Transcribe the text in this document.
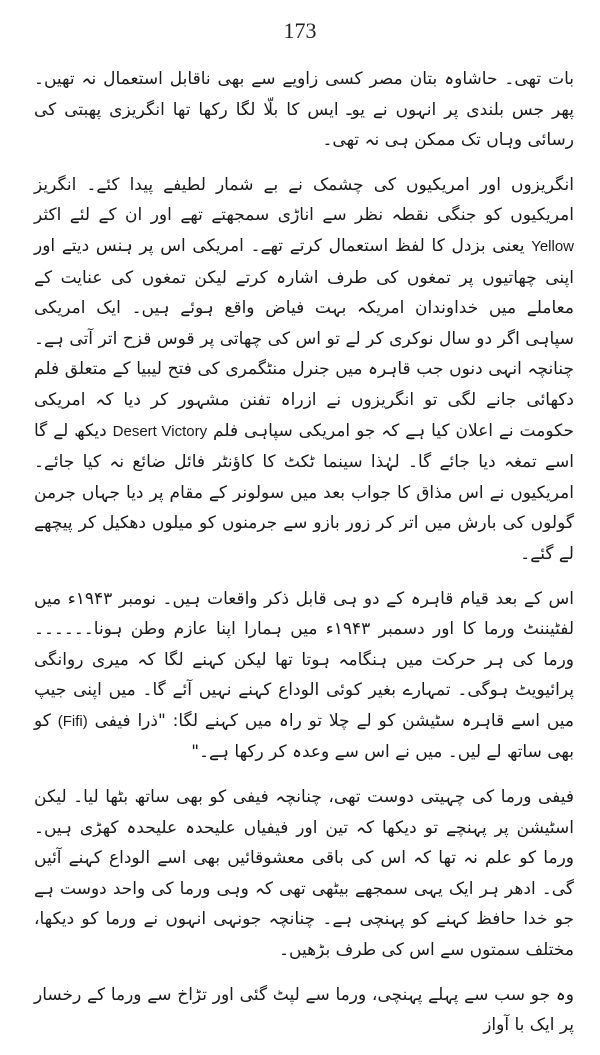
173

بات تھی۔ حاشاوہ بتان مصر کسی زاویے سے بھی ناقابل استعمال نہ تھیں۔ پھر جس بلندی پر انہوں نے یوـ ایس کا بلّا لگا رکھا تھا انگریزی پھبتی کی رسائی وہاں تک ممکن ہی نہ تھی۔

انگریزوں اور امریکیوں کی چشمک نے بے شمار لطیفے پیدا کئے۔ انگریز امریکیوں کو جنگی نقطہ نظر سے اناڑی سمجھتے تھے اور ان کے لئے اکثر Yellow یعنی بزدل کا لفظ استعمال کرتے تھے۔ امریکی اس پر ہنس دیتے اور اپنی چھاتیوں پر تمغوں کی طرف اشارہ کرتے لیکن تمغوں کی عنایت کے معاملے میں خداوندان امریکہ بہت فیاض واقع ہوئے ہیں۔ ایک امریکی سپاہی اگر دو سال نوکری کر لے تو اس کی چھاتی پر قوس قزح اتر آتی ہے۔ چنانچہ انہی دنوں جب قاہرہ میں جنرل منٹگمری کی فتح لیبیا کے متعلق فلم دکھائی جانے لگی تو انگریزوں نے ازراہ تفنن مشہور کر دیا کہ امریکی حکومت نے اعلان کیا ہے کہ جو امریکی سپاہی فلم Desert Victory دیکھ لے گا اسے تمغہ دیا جائے گا۔ لہٰذا سینما ٹکٹ کا کاؤنٹر فائل ضائع نہ کیا جائے۔ امریکیوں نے اس مذاق کا جواب بعد میں سولونر کے مقام پر دیا جہاں جرمن گولوں کی بارش میں اتر کر زور بازو سے جرمنوں کو میلوں دھکیل کر پیچھے لے گئے۔

اس کے بعد قیام قاہرہ کے دو ہی قابل ذکر واقعات ہیں۔ نومبر ۱۹۴۳ء میں لفٹیننٹ ورما کا اور دسمبر ۱۹۴۳ء میں ہمارا اپنا عازم وطن ہونا۔۔۔۔۔۔ ورما کی ہر حرکت میں ہنگامہ ہوتا تھا لیکن کہنے لگا کہ میری روانگی پرائیویٹ ہوگی۔ تمہارے بغیر کوئی الوداع کہنے نہیں آئے گا۔ میں اپنی جیپ میں اسے قاہرہ سٹیشن کو لے چلا تو راہ میں کہنے لگا: "ذرا فیفی (Fifi) کو بھی ساتھ لے لیں۔ میں نے اس سے وعدہ کر رکھا ہے۔"

فیفی ورما کی چہیتی دوست تھی، چنانچہ فیفی کو بھی ساتھ بٹھا لیا۔ لیکن اسٹیشن پر پہنچے تو دیکھا کہ تین اور فیفیاں علیحدہ علیحدہ کھڑی ہیں۔ ورما کو علم نہ تھا کہ اس کی باقی معشوقائیں بھی اسے الوداع کہنے آئیں گی۔ ادھر ہر ایک یہی سمجھے بیٹھی تھی کہ وہی ورما کی واحد دوست ہے جو خدا حافظ کہنے کو پہنچی ہے۔ چنانچہ جونہی انہوں نے ورما کو دیکھا، مختلف سمتوں سے اس کی طرف بڑھیں۔

وہ جو سب سے پہلے پہنچی، ورما سے لپٹ گئی اور تڑاخ سے ورما کے رخسار پر ایک با آواز
